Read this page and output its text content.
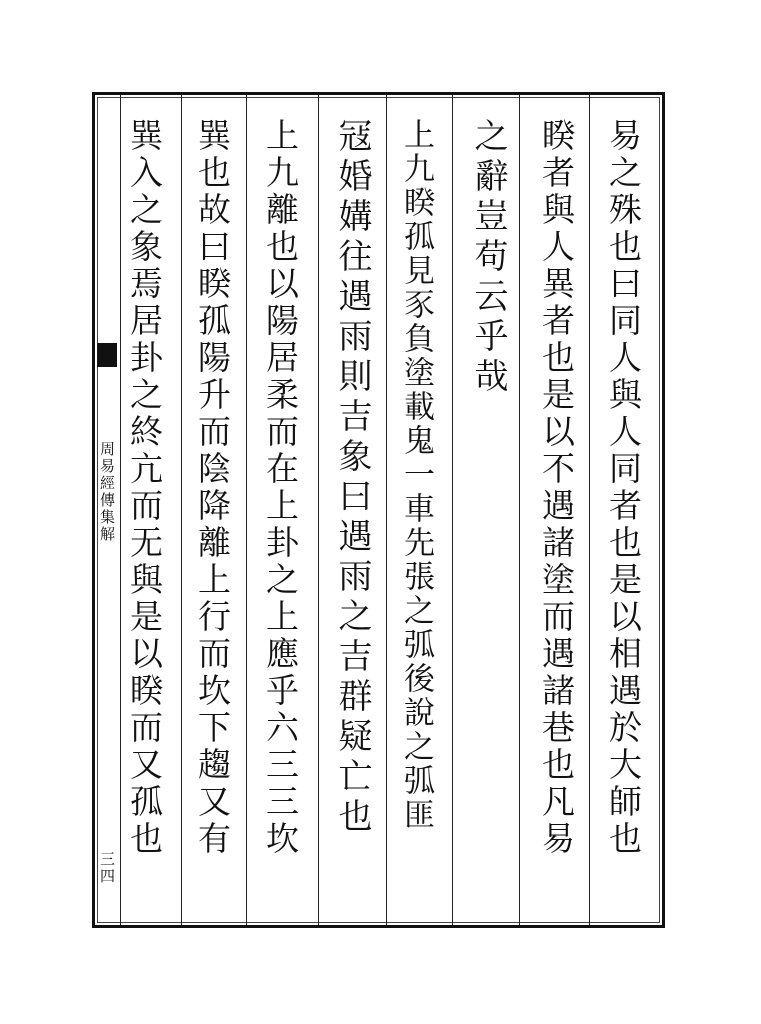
周易經傳集解
三四
易之殊也曰同人與人同者也是以相遇於大師也
睽者與人異者也是以不遇諸塗而遇諸巷也凡易
之辭豈苟云乎哉
上九睽孤見豕負塗載鬼一車先張之弧後說之弧匪
冦婚媾往遇雨則吉象曰遇雨之吉群疑亡也
上九離也以陽居柔而在上卦之上應乎六三三坎
巽也故曰睽孤陽升而陰降離上行而坎下趨又有
巽入之象焉居卦之終亢而无與是以睽而又孤也
